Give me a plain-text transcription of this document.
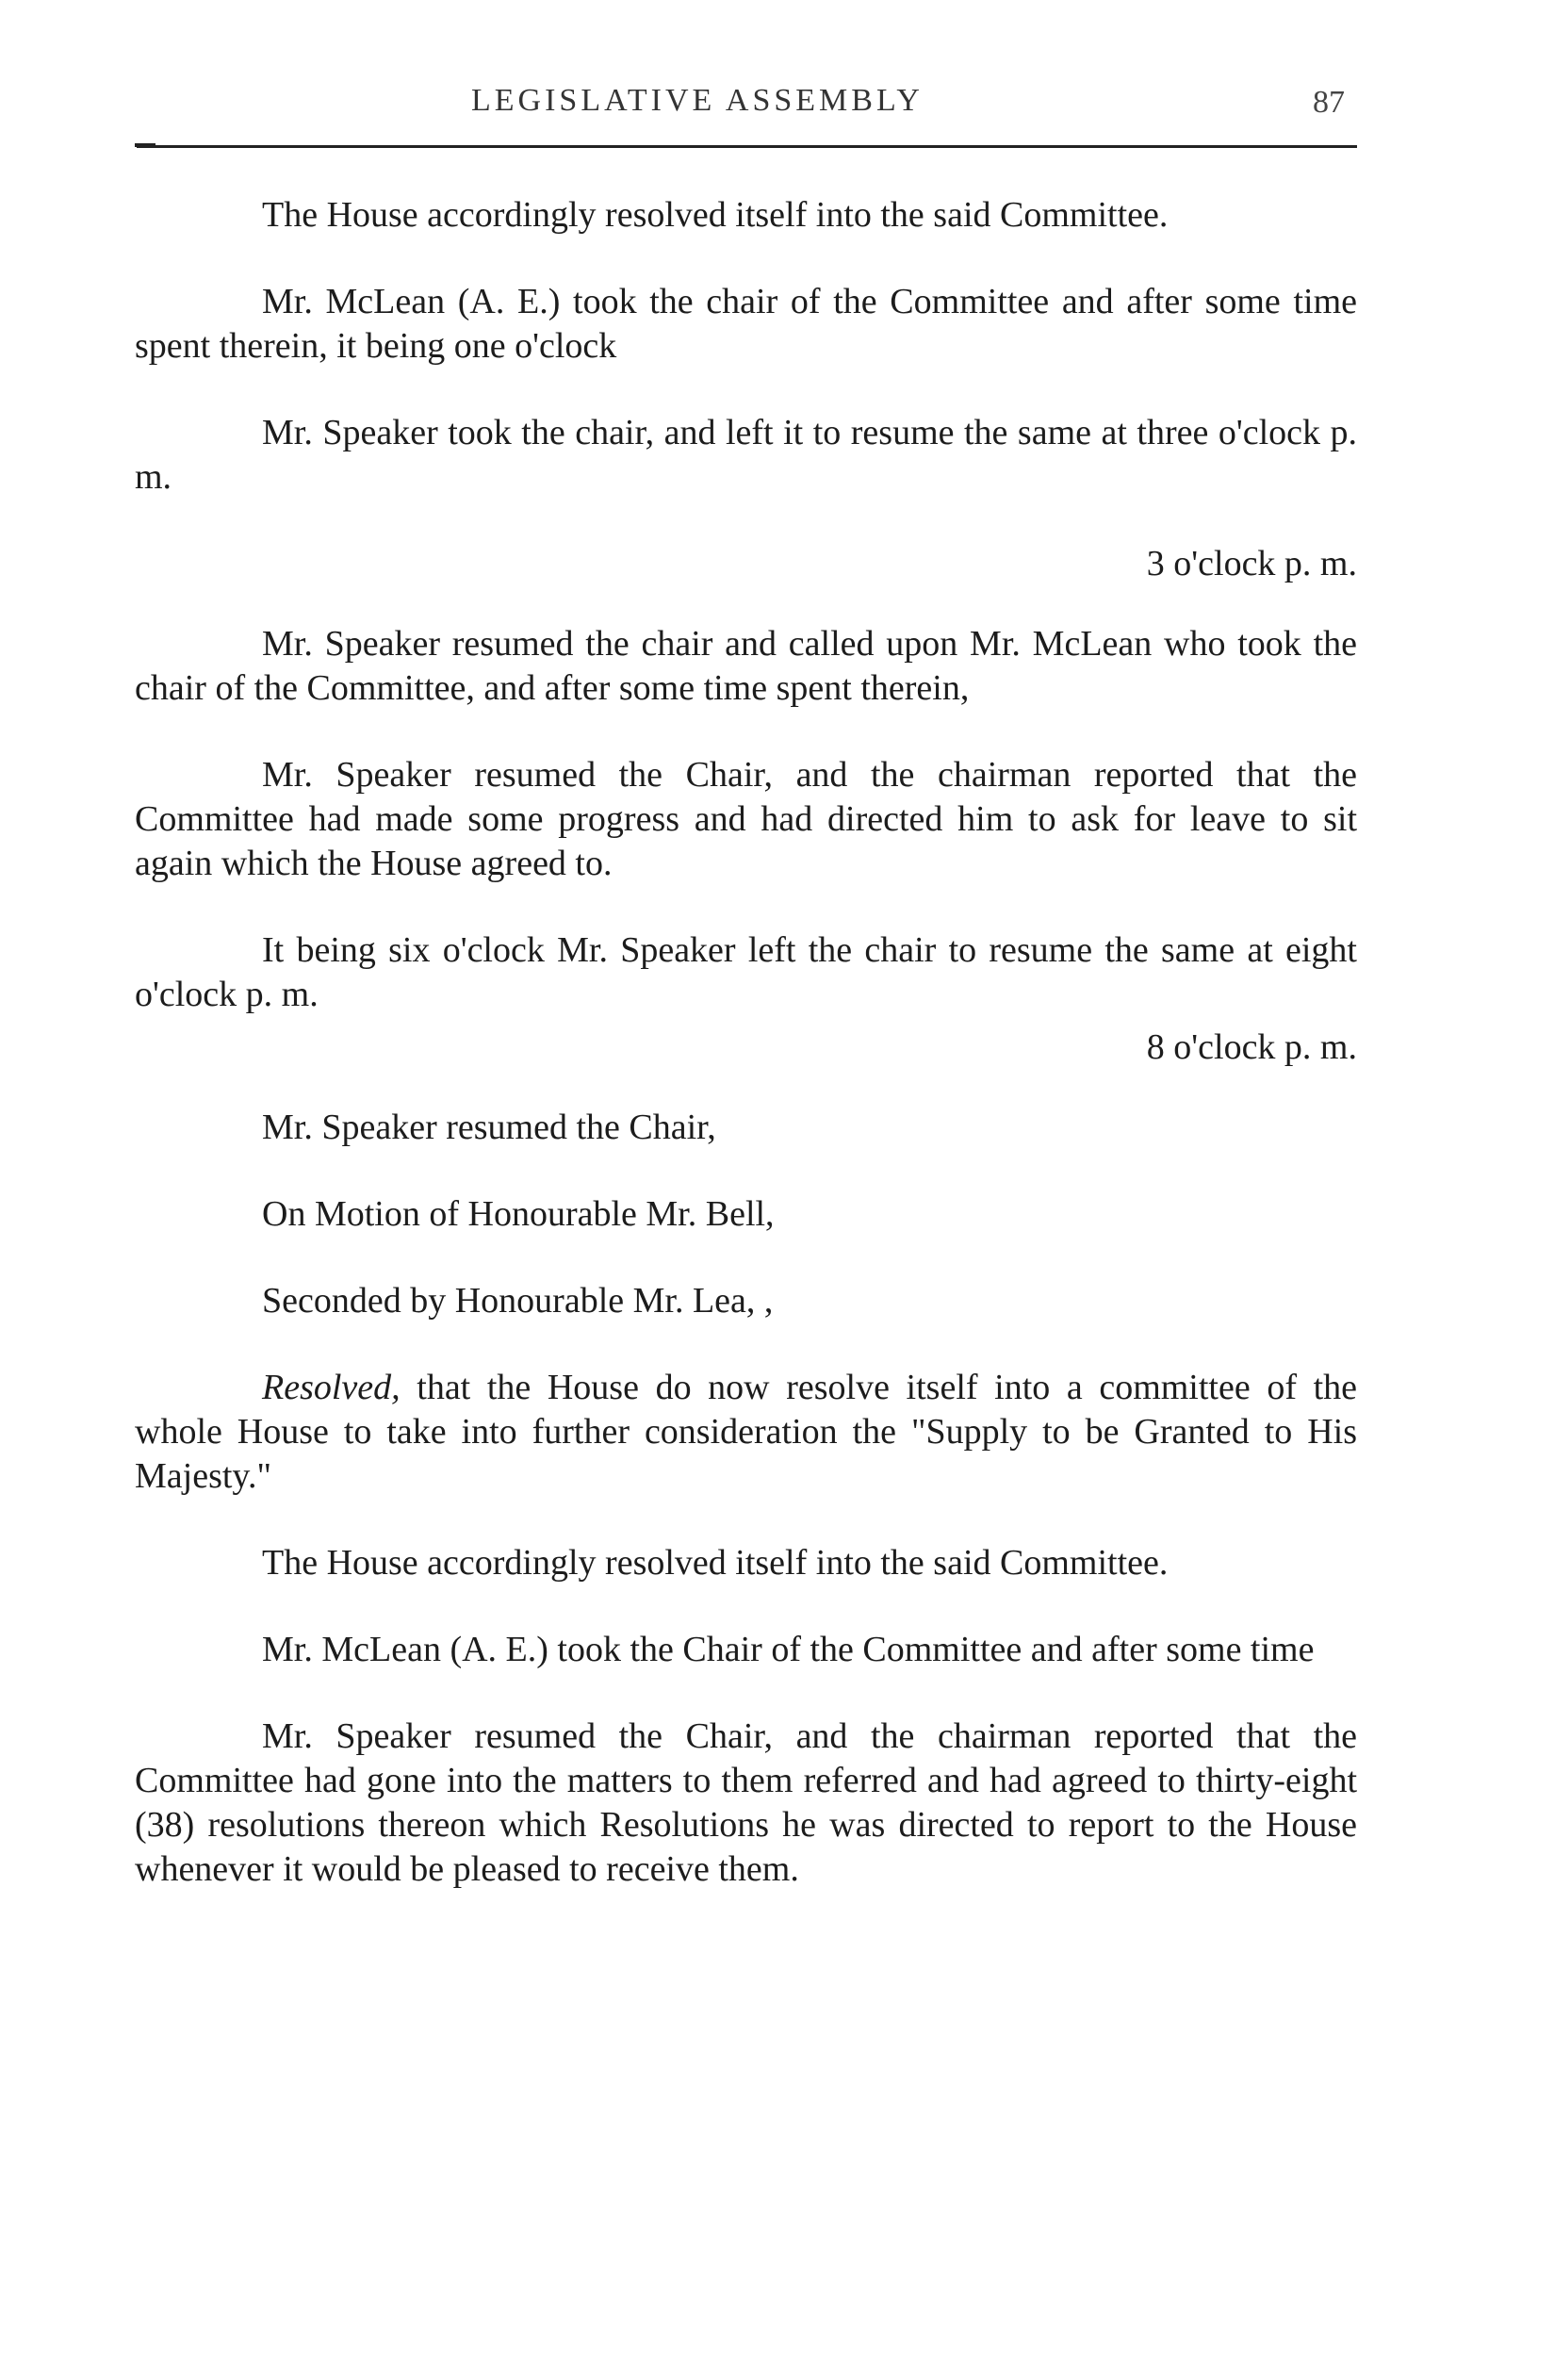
LEGISLATIVE ASSEMBLY	87

The House accordingly resolved itself into the said Committee.

Mr. McLean (A. E.) took the chair of the Committee and after some time spent therein, it being one o'clock

Mr. Speaker took the chair, and left it to resume the same at three o'clock p. m.

3 o'clock p. m.

Mr. Speaker resumed the chair and called upon Mr. McLean who took the chair of the Committee, and after some time spent therein,

Mr. Speaker resumed the Chair, and the chairman reported that the Committee had made some progress and had directed him to ask for leave to sit again which the House agreed to.

It being six o'clock Mr. Speaker left the chair to resume the same at eight o'clock p. m.

8 o'clock p. m.

Mr. Speaker resumed the Chair,

On Motion of Honourable Mr. Bell,

Seconded by Honourable Mr. Lea, ,

Resolved, that the House do now resolve itself into a committee of the whole House to take into further consideration the "Supply to be Granted to His Majesty."

The House accordingly resolved itself into the said Committee.

Mr. McLean (A. E.) took the Chair of the Committee and after some time

Mr. Speaker resumed the Chair, and the chairman reported that the Committee had gone into the matters to them referred and had agreed to thirty-eight (38) resolutions thereon which Resolutions he was directed to report to the House whenever it would be pleased to receive them.
